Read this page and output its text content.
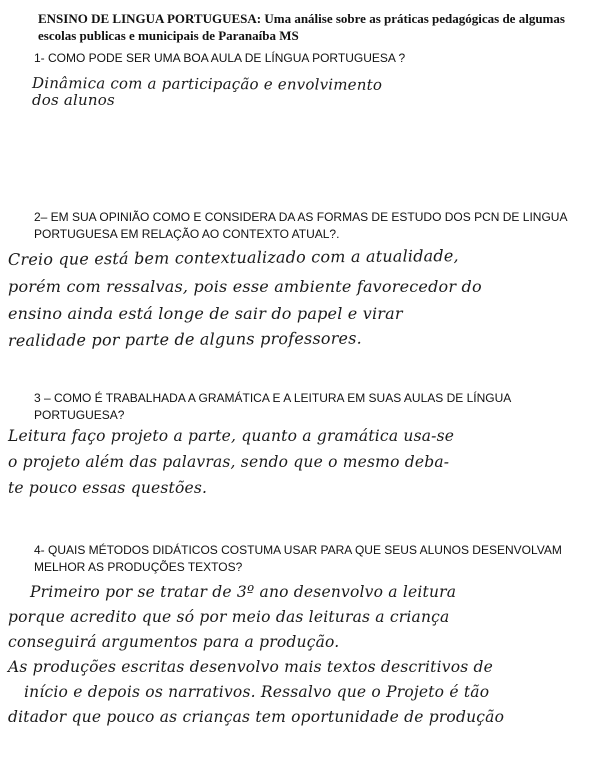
ENSINO DE LINGUA PORTUGUESA: Uma análise sobre as práticas pedagógicas de algumas
escolas publicas e municipais de Paranaíba MS

1- COMO PODE SER UMA BOA AULA DE LÍNGUA PORTUGUESA ?

Dinâmica com a participação e envolvimento
dos alunos

2– EM SUA OPINIÃO COMO E CONSIDERA DA AS FORMAS DE ESTUDO DOS PCN DE LINGUA PORTUGUESA EM RELAÇÃO AO CONTEXTO ATUAL?.

Creio que está bem contextualizado com a atualidade,
porém com ressalvas, pois esse ambiente favorecedor do
ensino ainda está longe de sair do papel e virar
realidade por parte de alguns professores.

3 – COMO É TRABALHADA A GRAMÁTICA E A LEITURA EM SUAS AULAS DE LÍNGUA PORTUGUESA?

Leitura faço projeto a parte, quanto a gramática usa-se
o projeto além das palavras, sendo que o mesmo deba-
te pouco essas questões.

4- QUAIS MÉTODOS DIDÁTICOS COSTUMA USAR PARA QUE SEUS ALUNOS DESENVOLVAM MELHOR AS PRODUÇÕES TEXTOS?

Primeiro por se tratar de 3º ano desenvolvo a leitura
porque acredito que só por meio das leituras a criança
conseguirá argumentos para a produção.
As produções escritas desenvolvo mais textos descritivos de
início e depois os narrativos. Ressalvo que o Projeto é tão
ditador que pouco as crianças tem oportunidade de produção
